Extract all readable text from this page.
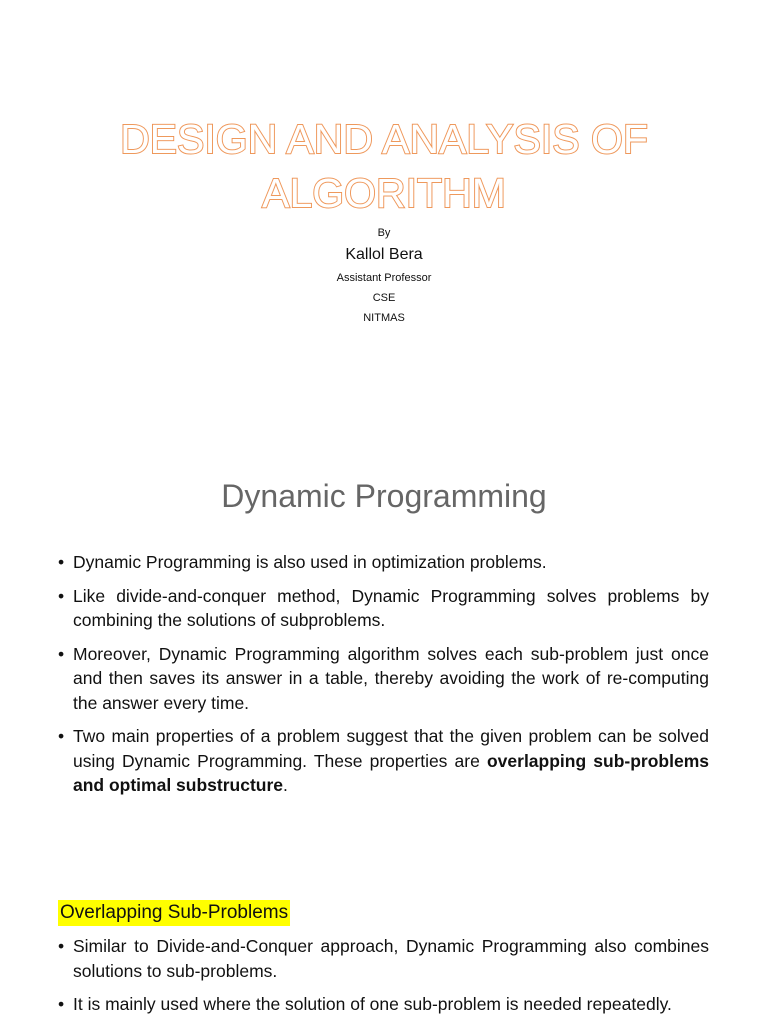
DESIGN AND ANALYSIS OF
ALGORITHM
By
Kallol Bera
Assistant Professor
CSE
NITMAS
Dynamic Programming
• Dynamic Programming is also used in optimization problems.
• Like divide-and-conquer method, Dynamic Programming solves problems by combining the solutions of subproblems.
• Moreover, Dynamic Programming algorithm solves each sub-problem just once and then saves its answer in a table, thereby avoiding the work of re-computing the answer every time.
• Two main properties of a problem suggest that the given problem can be solved using Dynamic Programming. These properties are overlapping sub-problems and optimal substructure.
Overlapping Sub-Problems
• Similar to Divide-and-Conquer approach, Dynamic Programming also combines solutions to sub-problems.
• It is mainly used where the solution of one sub-problem is needed repeatedly.
